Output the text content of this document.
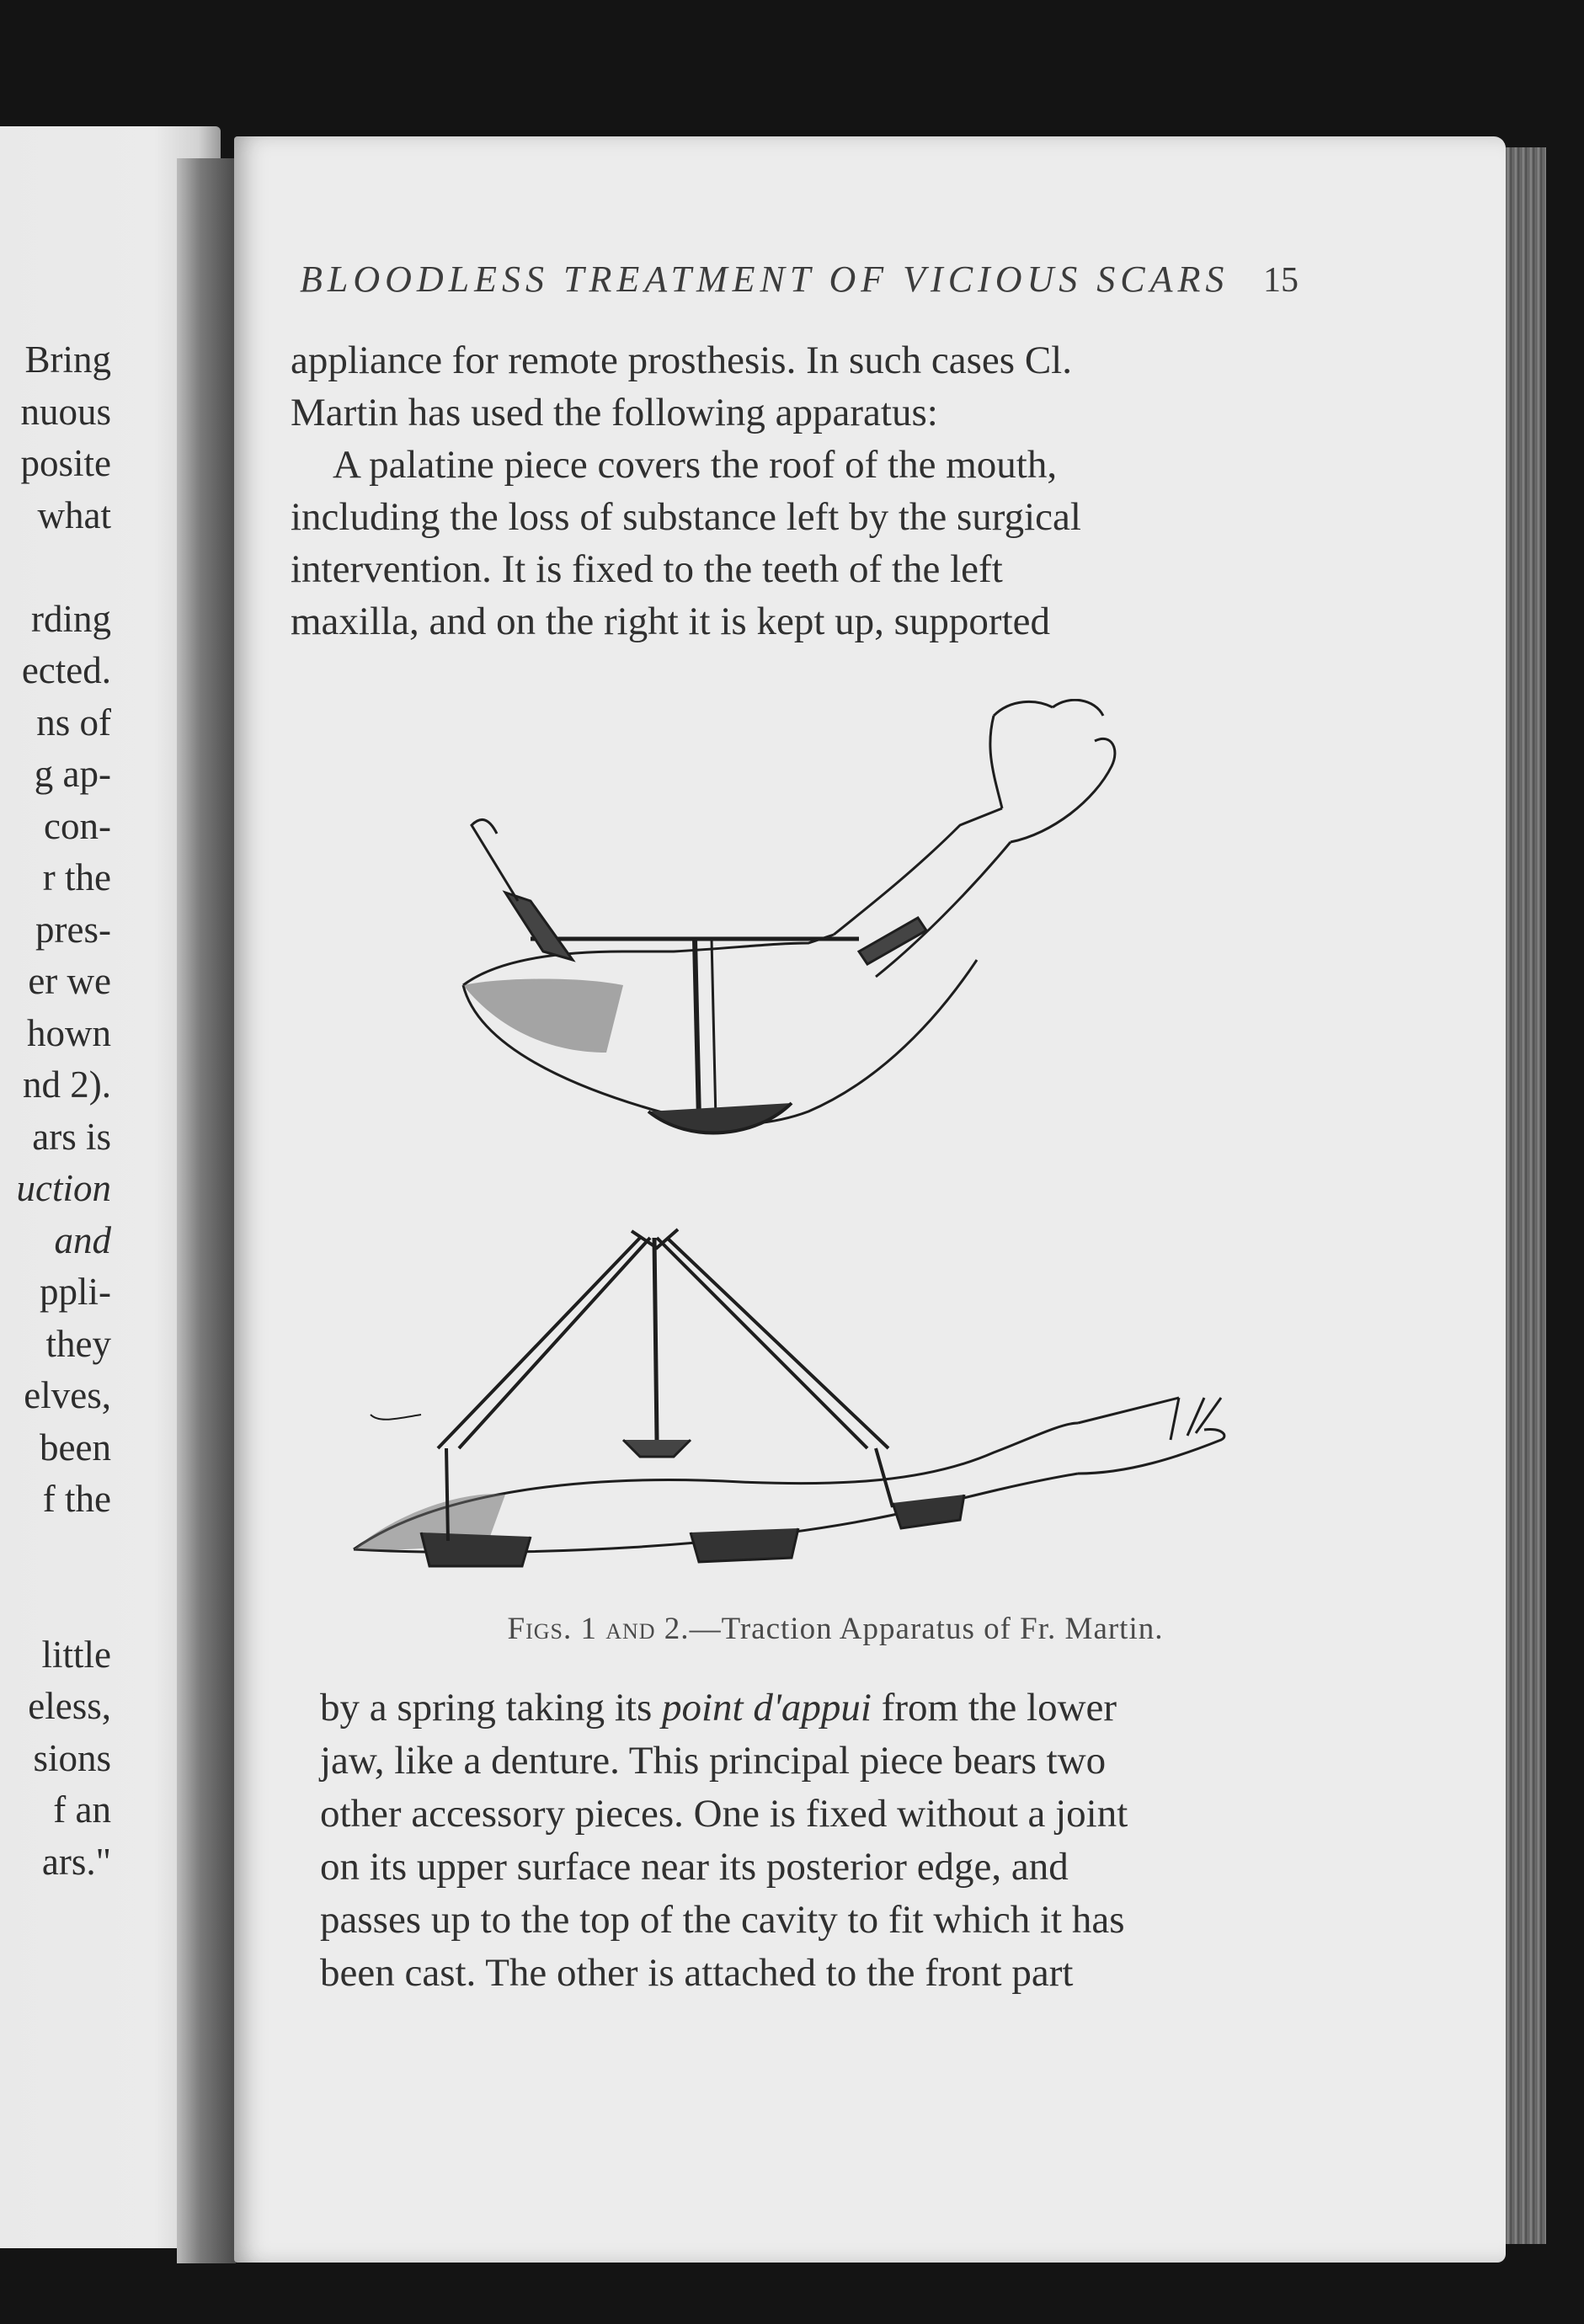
Bring
nuous
posite
what
rding
ected.
ns of
g ap-
con-
r the
pres-
er we
hown
nd 2).
ars is
uction
and
ppli-
they
elves,
been
f the
little
eless,
sions
f an
ars."
BLOODLESS TREATMENT OF VICIOUS SCARS 15
appliance for remote prosthesis. In such cases Cl.
Martin has used the following apparatus:
A palatine piece covers the roof of the mouth,
including the loss of substance left by the surgical
intervention. It is fixed to the teeth of the left
maxilla, and on the right it is kept up, supported
Figs. 1 and 2.—Traction Apparatus of Fr. Martin.
by a spring taking its point d'appui from the lower
jaw, like a denture. This principal piece bears two
other accessory pieces. One is fixed without a joint
on its upper surface near its posterior edge, and
passes up to the top of the cavity to fit which it has
been cast. The other is attached to the front part
